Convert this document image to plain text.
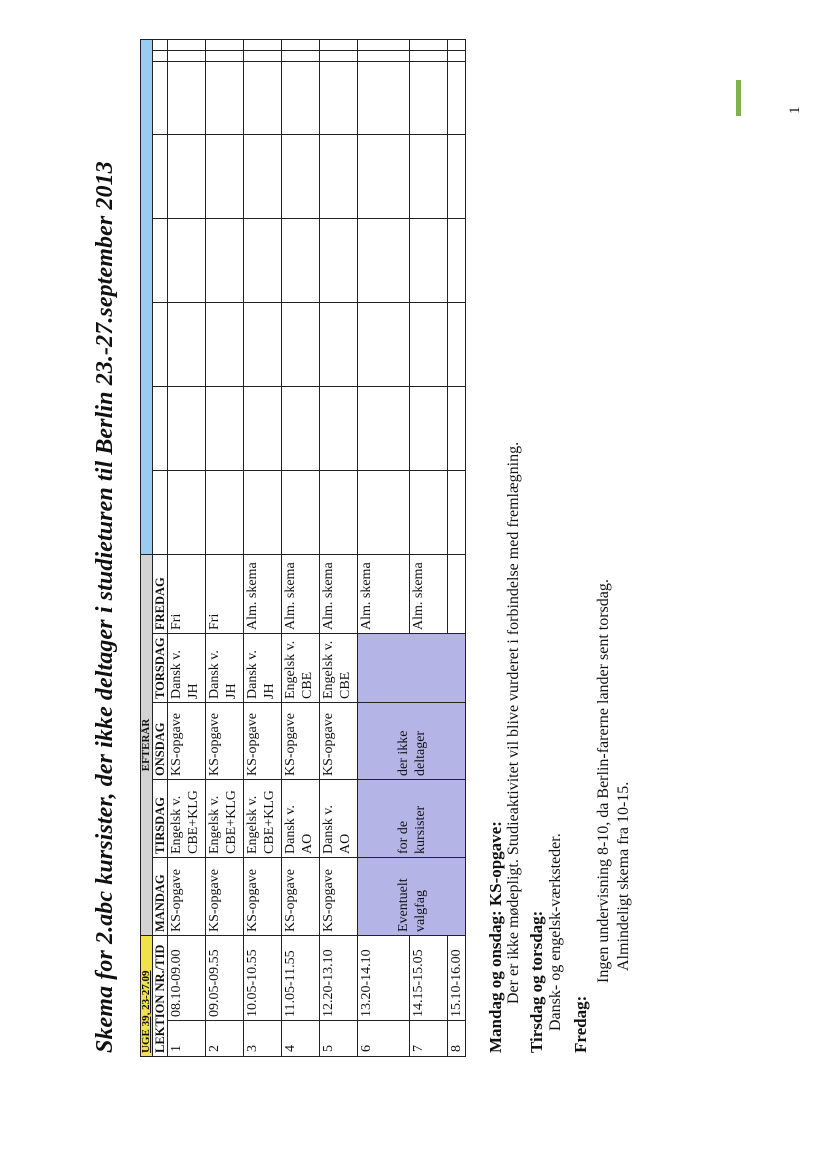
1
Skema for 2.abc kursister, der ikke deltager i studieturen til Berlin 23.-27.september 2013 UGE 39, 23-27.09		EFTERÅR												
LEKTION NR./TID		MANDAG	TIRSDAG	ONSDAG	TORSDAG	FREDAG								
1	08.10-09.00	KS-opgave	Engelsk v. CBE+KLG	KS-opgave	Dansk v. JH	Fri								
2	09.05-09.55	KS-opgave	Engelsk v. CBE+KLG	KS-opgave	Dansk v. JH	Fri								
3	10.05-10.55	KS-opgave	Engelsk v. CBE+KLG	KS-opgave	Dansk v. JH	Alm. skema								
4	11.05-11.55	KS-opgave	Dansk v. AO	KS-opgave	Engelsk v. CBE	Alm. skema								
5	12.20-13.10	KS-opgave	Dansk v. AO	KS-opgave	Engelsk v. CBE	Alm. skema								
6	13.20-14.10	Eventuelt valgfag	for de kursister	der ikke deltager		Alm. skema								
7	14.15-15.05					Alm. skema								
8	15.10-16.00													Mandag og onsdag: KS-opgave: Der er ikke mødepligt. Studieaktivitet vil blive vurderet i forbindelse med fremlægning. Tirsdag og torsdag: Dansk- og engelsk-værksteder. Fredag:
Ingen undervisning 8-10, da Berlin-farerne lander sent torsdag. Almindeligt skema fra 10-15.
